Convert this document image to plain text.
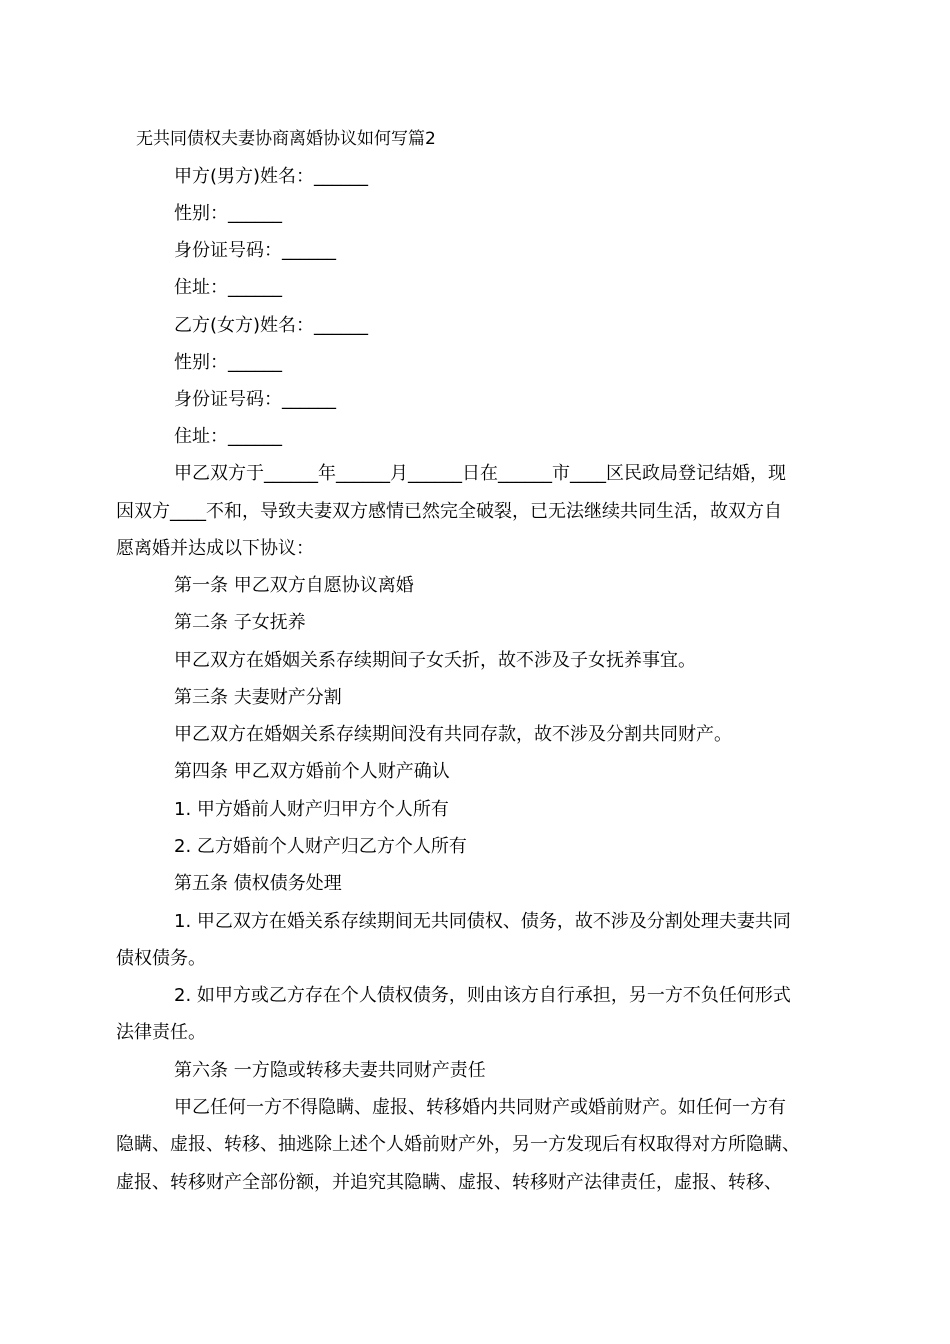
无共同债权夫妻协商离婚协议如何写篇2
甲方(男方)姓名：______
性别：______
身份证号码：______
住址：______
乙方(女方)姓名：______
性别：______
身份证号码：______
住址：______
甲乙双方于______年______月______日在______市____区民政局登记结婚，现
因双方____不和，导致夫妻双方感情已然完全破裂，已无法继续共同生活，故双方自
愿离婚并达成以下协议：
第一条 甲乙双方自愿协议离婚
第二条 子女抚养
甲乙双方在婚姻关系存续期间子女夭折，故不涉及子女抚养事宜。
第三条 夫妻财产分割
甲乙双方在婚姻关系存续期间没有共同存款，故不涉及分割共同财产。
第四条 甲乙双方婚前个人财产确认
1. 甲方婚前人财产归甲方个人所有
2. 乙方婚前个人财产归乙方个人所有
第五条 债权债务处理
1. 甲乙双方在婚关系存续期间无共同债权、债务，故不涉及分割处理夫妻共同
债权债务。
2. 如甲方或乙方存在个人债权债务，则由该方自行承担，另一方不负任何形式
法律责任。
第六条 一方隐或转移夫妻共同财产责任
甲乙任何一方不得隐瞒、虚报、转移婚内共同财产或婚前财产。如任何一方有
隐瞒、虚报、转移、抽逃除上述个人婚前财产外，另一方发现后有权取得对方所隐瞒、
虚报、转移财产全部份额，并追究其隐瞒、虚报、转移财产法律责任，虚报、转移、
